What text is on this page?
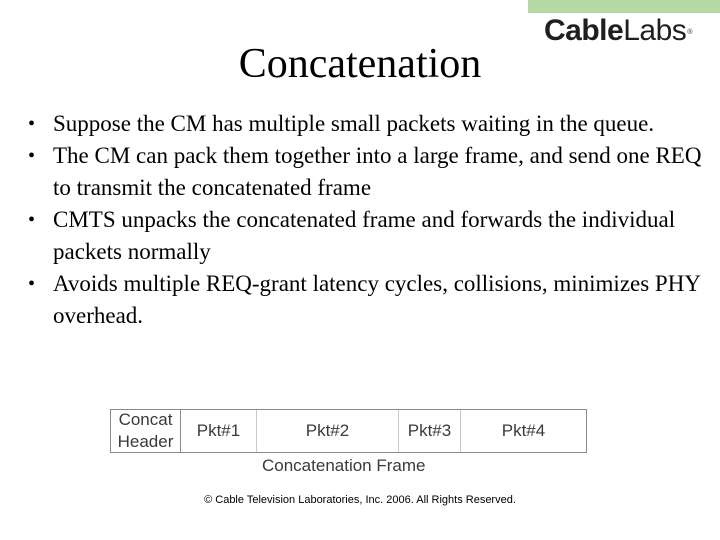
CableLabs®
Concatenation
• Suppose the CM has multiple small packets waiting in the queue.
• The CM can pack them together into a large frame, and send one REQ to transmit the concatenated frame
• CMTS unpacks the concatenated frame and forwards the individual packets normally
• Avoids multiple REQ-grant latency cycles, collisions, minimizes PHY overhead.
Concat
Header
Pkt#1	Pkt#2	Pkt#3	Pkt#4
Concatenation Frame
© Cable Television Laboratories, Inc. 2006. All Rights Reserved.
